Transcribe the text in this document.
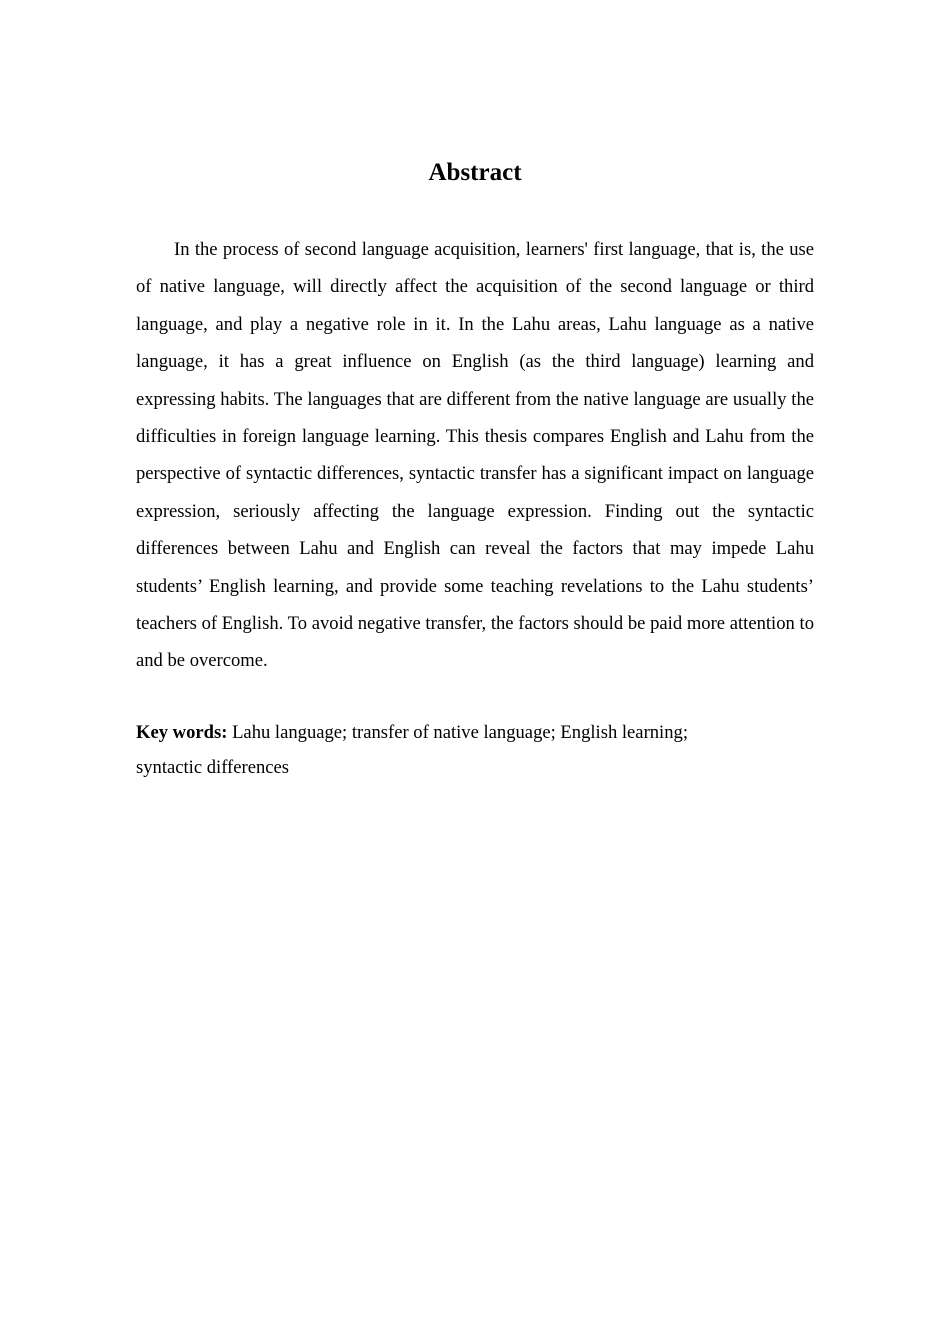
Abstract

In the process of second language acquisition, learners' first language, that is, the use of native language, will directly affect the acquisition of the second language or third language, and play a negative role in it. In the Lahu areas, Lahu language as a native language, it has a great influence on English (as the third language) learning and expressing habits. The languages that are different from the native language are usually the difficulties in foreign language learning. This thesis compares English and Lahu from the perspective of syntactic differences, syntactic transfer has a significant impact on language expression, seriously affecting the language expression. Finding out the syntactic differences between Lahu and English can reveal the factors that may impede Lahu students’ English learning, and provide some teaching revelations to the Lahu students’ teachers of English. To avoid negative transfer, the factors should be paid more attention to and be overcome.

Key words: Lahu language; transfer of native language; English learning;
syntactic differences
